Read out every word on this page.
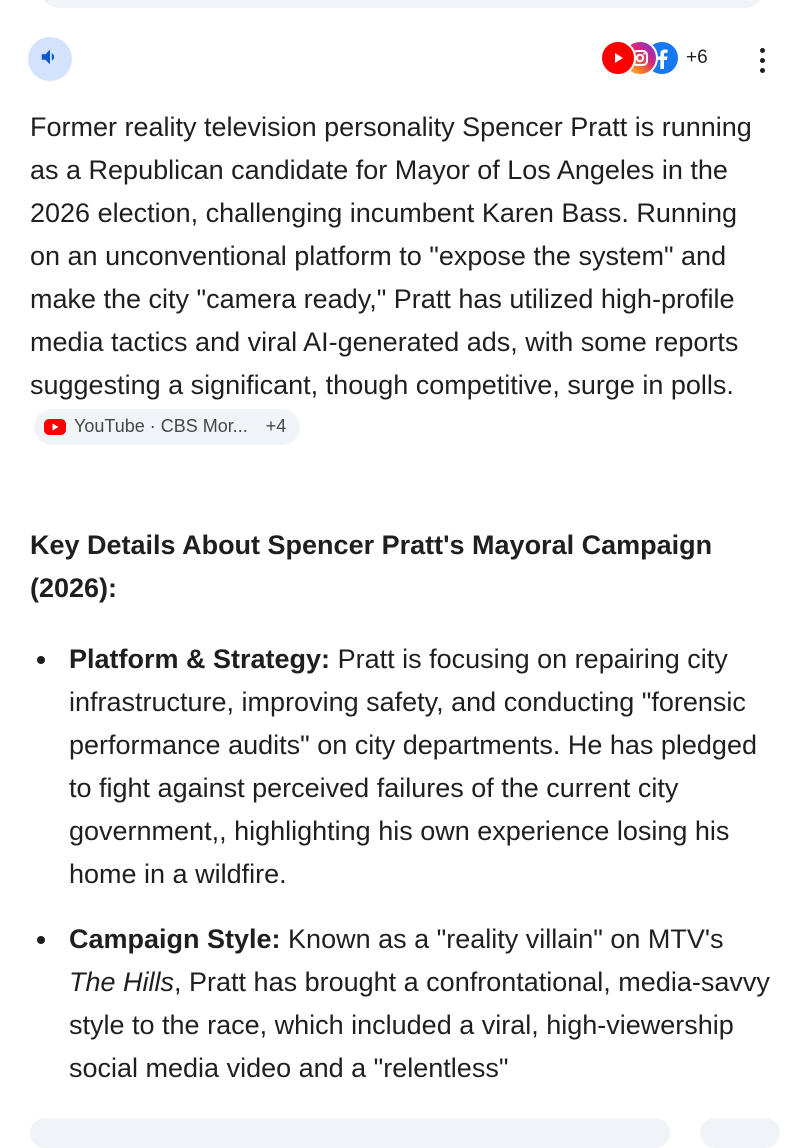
+6

Former reality television personality Spencer Pratt is running as a Republican candidate for Mayor of Los Angeles in the 2026 election, challenging incumbent Karen Bass. Running on an unconventional platform to "expose the system" and make the city "camera ready," Pratt has utilized high-profile media tactics and viral AI-generated ads, with some reports suggesting a significant, though competitive, surge in polls.
YouTube · CBS Mor... +4

Key Details About Spencer Pratt's Mayoral Campaign (2026):
Platform & Strategy: Pratt is focusing on repairing city infrastructure, improving safety, and conducting "forensic performance audits" on city departments. He has pledged to fight against perceived failures of the current city government,, highlighting his own experience losing his home in a wildfire.
Campaign Style: Known as a "reality villain" on MTV's The Hills, Pratt has brought a confrontational, media-savvy style to the race, which included a viral, high-viewership social media video and a "relentless"
